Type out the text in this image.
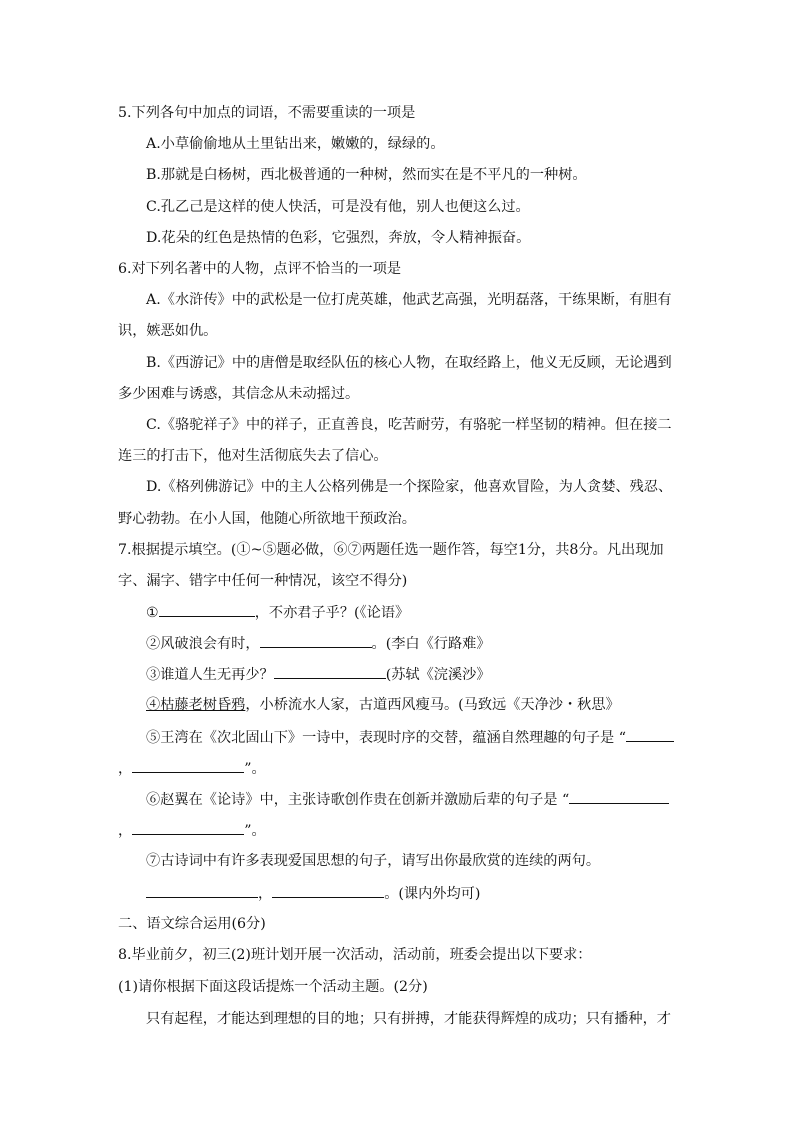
5.下列各句中加点的词语，不需要重读的一项是
A.小草偷偷地从土里钻出来，嫩嫩的，绿绿的。
B.那就是白杨树，西北极普通的一种树，然而实在是不平凡的一种树。
C.孔乙己是这样的使人快活，可是没有他，别人也便这么过。
D.花朵的红色是热情的色彩，它强烈，奔放，令人精神振奋。
6.对下列名著中的人物，点评不恰当的一项是
A.《水浒传》中的武松是一位打虎英雄，他武艺高强，光明磊落，干练果断，有胆有
识，嫉恶如仇。
B.《西游记》中的唐僧是取经队伍的核心人物，在取经路上，他义无反顾，无论遇到
多少困难与诱惑，其信念从未动摇过。
C.《骆驼祥子》中的祥子，正直善良，吃苦耐劳，有骆驼一样坚韧的精神。但在接二
连三的打击下，他对生活彻底失去了信心。
D.《格列佛游记》中的主人公格列佛是一个探险家，他喜欢冒险，为人贪婪、残忍、
野心勃勃。在小人国，他随心所欲地干预政治。
7.根据提示填空。(①~⑤题必做，⑥⑦两题任选一题作答，每空1分，共8分。凡出现加
字、漏字、错字中任何一种情况，该空不得分)
①	，不亦君子乎？(《论语》
②风破浪会有时，	。(李白《行路难》
③谁道人生无再少？	(苏轼《浣溪沙》
④枯藤老树昏鸦，小桥流水人家，古道西风瘦马。(马致远《天净沙・秋思》
⑤王湾在《次北固山下》一诗中，表现时序的交替，蕴涵自然理趣的句子是 “
，	”。
⑥赵翼在《论诗》中，主张诗歌创作贵在创新并激励后辈的句子是 “
，	”。
⑦古诗词中有许多表现爱国思想的句子，请写出你最欣赏的连续的两句。
，	。(课内外均可)
二、语文综合运用(6分)
8.毕业前夕，初三(2)班计划开展一次活动，活动前，班委会提出以下要求：
(1)请你根据下面这段话提炼一个活动主题。(2分)
只有起程，才能达到理想的目的地；只有拼搏，才能获得辉煌的成功；只有播种，才
